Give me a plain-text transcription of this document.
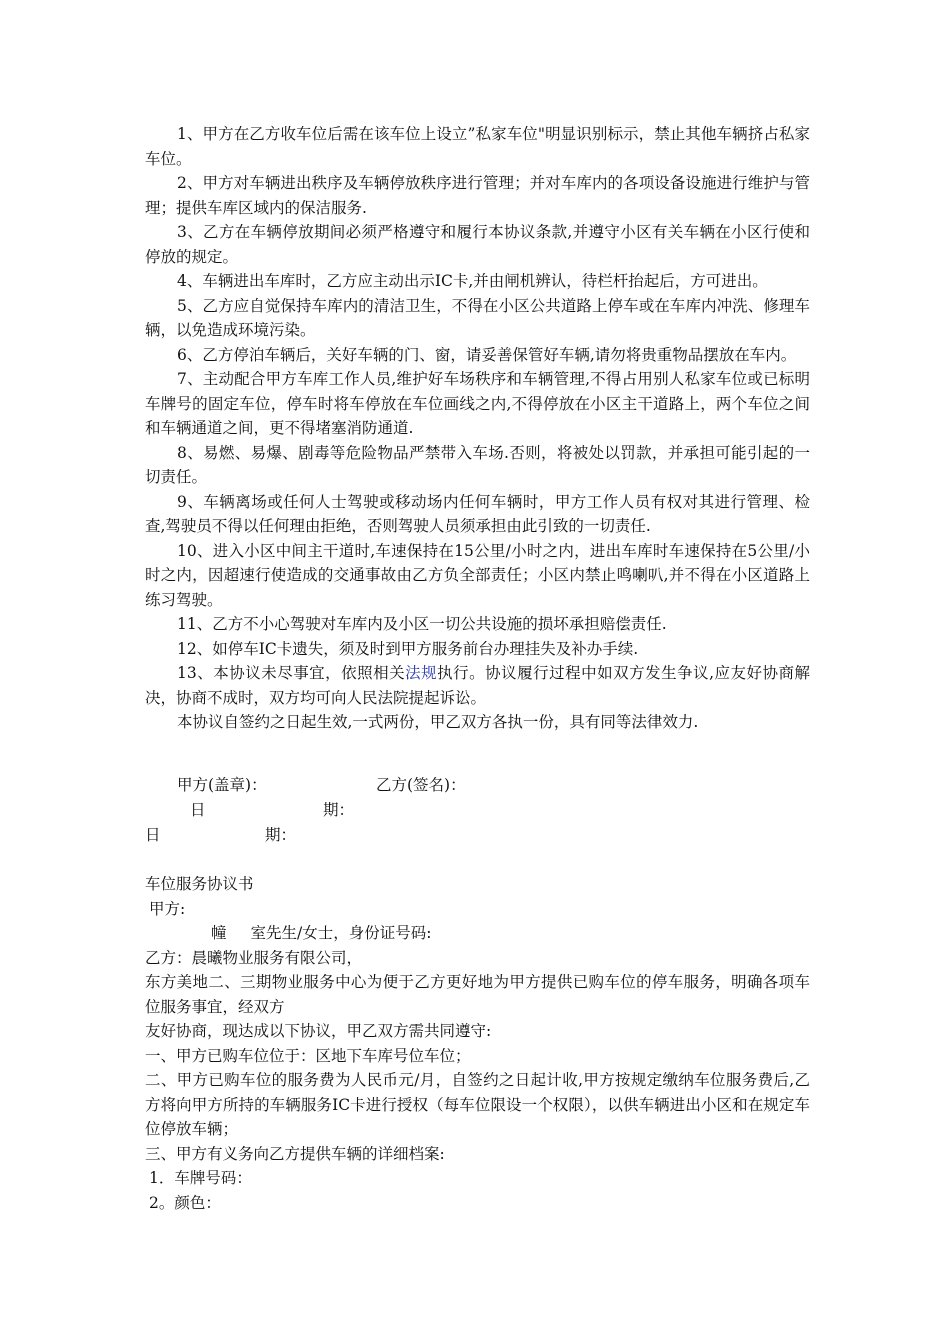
1、甲方在乙方收车位后需在该车位上设立”私家车位"明显识别标示，禁止其他车辆挤占私家车位。

2、甲方对车辆进出秩序及车辆停放秩序进行管理；并对车库内的各项设备设施进行维护与管理；提供车库区域内的保洁服务.

3、乙方在车辆停放期间必须严格遵守和履行本协议条款,并遵守小区有关车辆在小区行使和停放的规定。

4、车辆进出车库时，乙方应主动出示IC卡,并由闸机辨认，待栏杆抬起后，方可进出。

5、乙方应自觉保持车库内的清洁卫生，不得在小区公共道路上停车或在车库内冲洗、修理车辆，以免造成环境污染。

6、乙方停泊车辆后，关好车辆的门、窗，请妥善保管好车辆,请勿将贵重物品摆放在车内。

7、主动配合甲方车库工作人员,维护好车场秩序和车辆管理,不得占用别人私家车位或已标明车牌号的固定车位，停车时将车停放在车位画线之内,不得停放在小区主干道路上，两个车位之间和车辆通道之间，更不得堵塞消防通道.

8、易燃、易爆、剧毒等危险物品严禁带入车场.否则，将被处以罚款，并承担可能引起的一切责任。

9、车辆离场或任何人士驾驶或移动场内任何车辆时，甲方工作人员有权对其进行管理、检查,驾驶员不得以任何理由拒绝，否则驾驶人员须承担由此引致的一切责任.

10、进入小区中间主干道时,车速保持在15公里/小时之内，进出车库时车速保持在5公里/小时之内，因超速行使造成的交通事故由乙方负全部责任；小区内禁止鸣喇叭,并不得在小区道路上练习驾驶。

11、乙方不小心驾驶对车库内及小区一切公共设施的损坏承担赔偿责任.

12、如停车IC卡遗失，须及时到甲方服务前台办理挂失及补办手续.

13、本协议未尽事宜，依照相关法规执行。协议履行过程中如双方发生争议,应友好协商解决，协商不成时，双方均可向人民法院提起诉讼。

本协议自签约之日起生效,一式两份，甲乙双方各执一份，具有同等法律效力.

甲方(盖章)：	乙方(签名)：
日	期：
日	期：

车位服务协议书

甲方:

幢 室先生/女士，身份证号码:

乙方：晨曦物业服务有限公司，

东方美地二、三期物业服务中心为便于乙方更好地为甲方提供已购车位的停车服务，明确各项车位服务事宜，经双方

友好协商，现达成以下协议，甲乙双方需共同遵守:

一、甲方已购车位位于：区地下车库号位车位；

二、甲方已购车位的服务费为人民币元/月，自签约之日起计收,甲方按规定缴纳车位服务费后,乙方将向甲方所持的车辆服务IC卡进行授权（每车位限设一个权限），以供车辆进出小区和在规定车位停放车辆；

三、甲方有义务向乙方提供车辆的详细档案:

1．车牌号码：

2。颜色：
